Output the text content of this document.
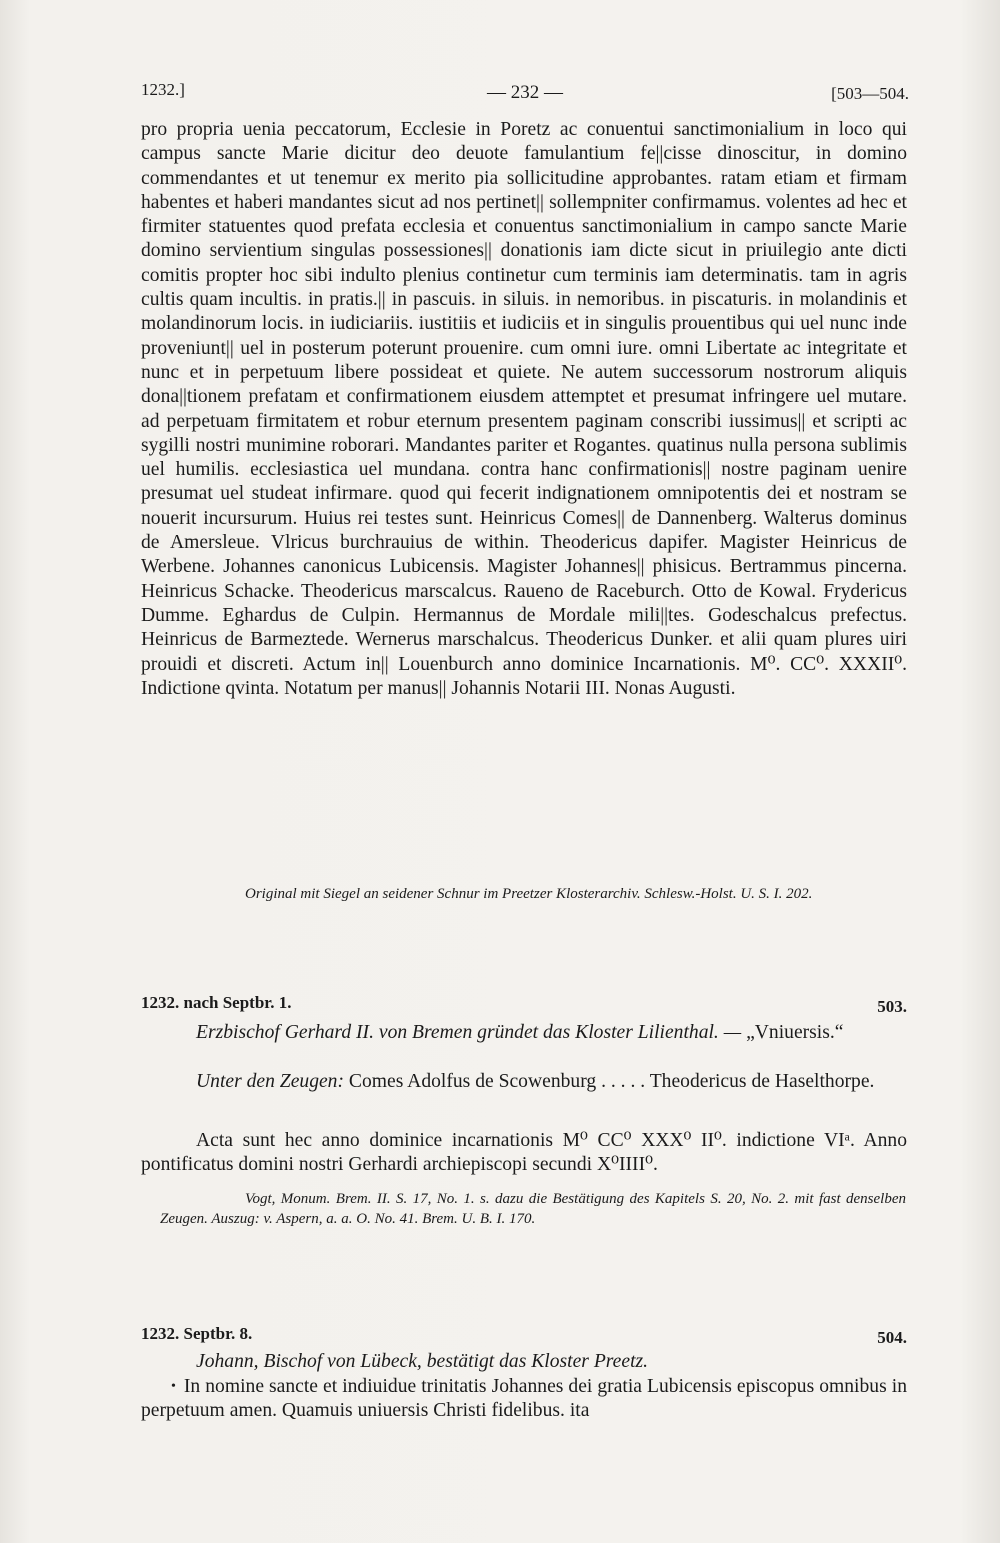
1232.]	— 232 —	[503—504.

pro propria uenia peccatorum, Ecclesie in Poretz ac conuentui sanctimonialium in loco qui campus sancte Marie dicitur deo deuote famulantium fe||cisse dinoscitur, in domino commendantes et ut tenemur ex merito pia sollicitudine approbantes. ratam etiam et firmam habentes et haberi mandantes sicut ad nos pertinet|| sollempniter confirmamus. volentes ad hec et firmiter statuentes quod prefata ecclesia et conuentus sanctimonialium in campo sancte Marie domino servientium singulas possessiones|| donationis iam dicte sicut in priuilegio ante dicti comitis propter hoc sibi indulto plenius continetur cum terminis iam determinatis. tam in agris cultis quam incultis. in pratis.|| in pascuis. in siluis. in nemoribus. in piscaturis. in molandinis et molandinorum locis. in iudiciariis. iustitiis et iudiciis et in singulis prouentibus qui uel nunc inde proveniunt|| uel in posterum poterunt prouenire. cum omni iure. omni Libertate ac integritate et nunc et in perpetuum libere possideat et quiete. Ne autem successorum nostrorum aliquis dona||tionem prefatam et confirmationem eiusdem attemptet et presumat infringere uel mutare. ad perpetuam firmitatem et robur eternum presentem paginam conscribi iussimus|| et scripti ac sygilli nostri munimine roborari. Mandantes pariter et Rogantes. quatinus nulla persona sublimis uel humilis. ecclesiastica uel mundana. contra hanc confirmationis|| nostre paginam uenire presumat uel studeat infirmare. quod qui fecerit indignationem omnipotentis dei et nostram se nouerit incursurum. Huius rei testes sunt. Heinricus Comes|| de Dannenberg. Walterus dominus de Amersleue. Vlricus burchrauius de within. Theodericus dapifer. Magister Heinricus de Werbene. Johannes canonicus Lubicensis. Magister Johannes|| phisicus. Bertrammus pincerna. Heinricus Schacke. Theodericus marscalcus. Raueno de Raceburch. Otto de Kowal. Frydericus Dumme. Eghardus de Culpin. Hermannus de Mordale mili||tes. Godeschalcus prefectus. Heinricus de Barmeztede. Wernerus marschalcus. Theodericus Dunker. et alii quam plures uiri prouidi et discreti. Actum in|| Louenburch anno dominice Incarnationis. M⁰. CC⁰. XXXII⁰. Indictione qvinta. Notatum per manus|| Johannis Notarii III. Nonas Augusti.

Original mit Siegel an seidener Schnur im Preetzer Klosterarchiv. Schlesw.-Holst. U. S. I. 202.
1232. nach Septbr. 1.	503.
Erzbischof Gerhard II. von Bremen gründet das Kloster Lilienthal. — „Vniuersis.“
Unter den Zeugen: Comes Adolfus de Scowenburg . . . . . Theodericus de Haselthorpe.
Acta sunt hec anno dominice incarnationis M⁰ CC⁰ XXX⁰ II⁰. indictione VIᵃ. Anno pontificatus domini nostri Gerhardi archiepiscopi secundi X⁰IIII⁰.
Vogt, Monum. Brem. II. S. 17, No. 1. s. dazu die Bestätigung des Kapitels S. 20, No. 2. mit fast denselben Zeugen. Auszug: v. Aspern, a. a. O. No. 41. Brem. U. B. I. 170.
1232. Septbr. 8.	504.
Johann, Bischof von Lübeck, bestätigt das Kloster Preetz.
• In nomine sancte et indiuidue trinitatis Johannes dei gratia Lubicensis episcopus omnibus in perpetuum amen. Quamuis uniuersis Christi fidelibus. ita
